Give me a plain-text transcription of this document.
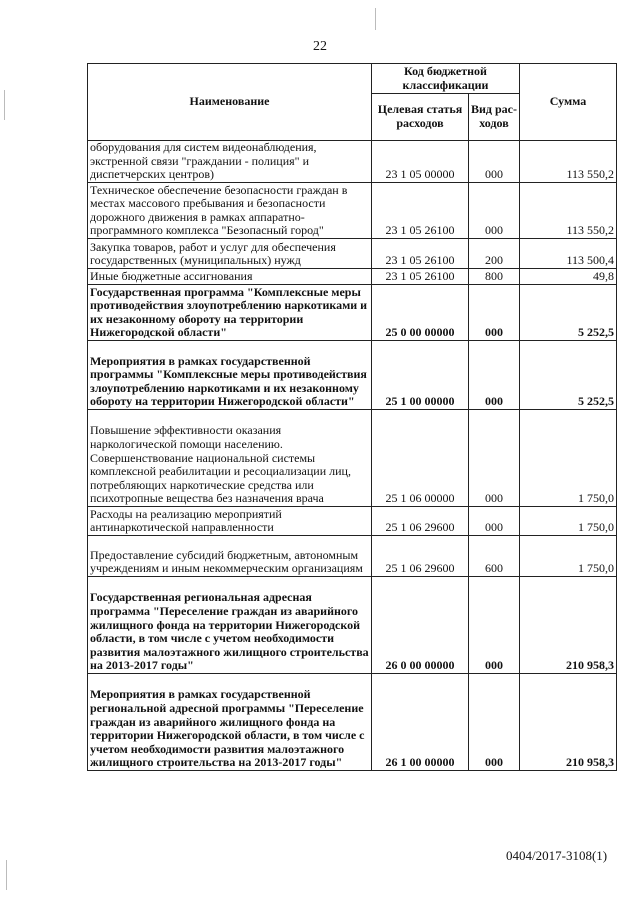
22
Наименование	Код бюджетной классификации		Сумма
	Целевая статья расходов	Вид рас-ходов	
оборудования для систем видеонаблюдения, экстренной связи "граждании - полиция" и диспетчерских центров)	23 1 05 00000	000	113 550,2
Техническое обеспечение безопасности граждан в местах массового пребывания и безопасности дорожного движения в рамках аппаратно-программного комплекса "Безопасный город"	23 1 05 26100	000	113 550,2
Закупка товаров, работ и услуг для обеспечения государственных (муниципальных) нужд	23 1 05 26100	200	113 500,4
Иные бюджетные ассигнования	23 1 05 26100	800	49,8
Государственная программа "Комплексные меры противодействия злоупотреблению наркотиками и их незаконному обороту на территории Нижегородской области"	25 0 00 00000	000	5 252,5
Мероприятия в рамках государственной программы "Комплексные меры противодействия злоупотреблению наркотиками и их незаконному обороту на территории Нижегородской области"	25 1 00 00000	000	5 252,5
Повышение эффективности оказания наркологической помощи населению. Совершенствование национальной системы комплексной реабилитации и ресоциализации лиц, потребляющих наркотические средства или психотропные вещества без назначения врача	25 1 06 00000	000	1 750,0
Расходы на реализацию мероприятий антинаркотической направленности	25 1 06 29600	000	1 750,0
Предоставление субсидий бюджетным, автономным учреждениям и иным некоммерческим организациям	25 1 06 29600	600	1 750,0
Государственная региональная адресная программа "Переселение граждан из аварийного жилищного фонда на территории Нижегородской области, в том числе с учетом необходимости развития малоэтажного жилищного строительства на 2013-2017 годы"	26 0 00 00000	000	210 958,3
Мероприятия в рамках государственной региональной адресной программы "Переселение граждан из аварийного жилищного фонда на территории Нижегородской области, в том числе с учетом необходимости развития малоэтажного жилищного строительства на 2013-2017 годы"	26 1 00 00000	000	210 958,3
0404/2017-3108(1)
